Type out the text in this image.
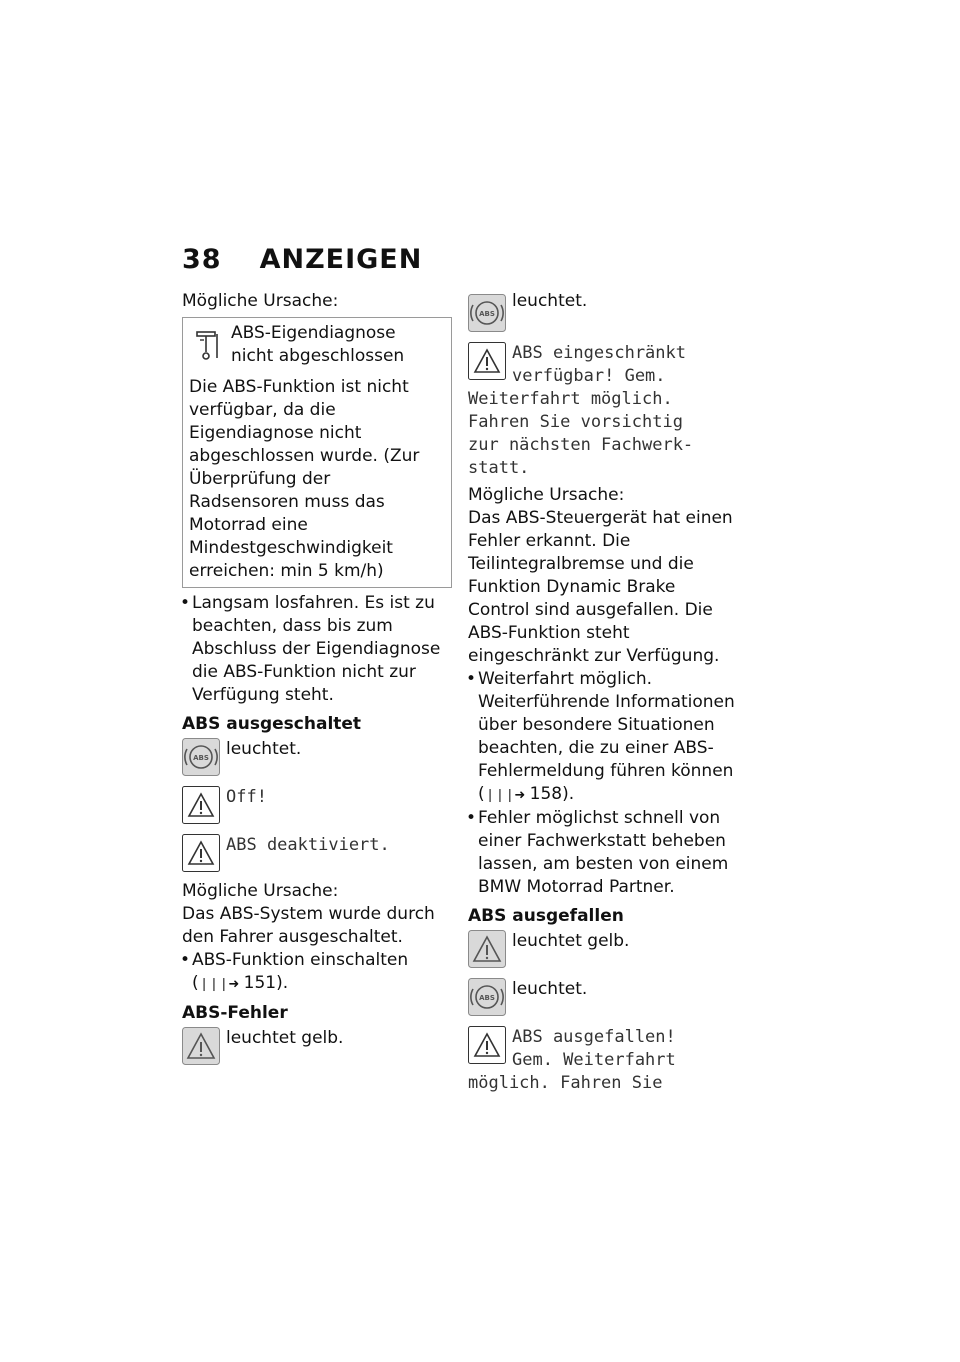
38 ANZEIGEN

Mögliche Ursache:

ABS-Eigendiagnose
nicht abgeschlossen

Die ABS-Funktion ist nicht verfügbar, da die Eigendiagnose nicht abgeschlossen wurde. (Zur Überprüfung der Radsensoren muss das Motorrad eine Mindestgeschwindigkeit erreichen: min 5 km/h)

• Langsam losfahren. Es ist zu beachten, dass bis zum Abschluss der Eigendiagnose die ABS-Funktion nicht zur Verfügung steht.

ABS ausgeschaltet

ABS leuchtet.
Off!
ABS deaktiviert.

Mögliche Ursache:

Das ABS-System wurde durch den Fahrer ausgeschaltet.

• ABS-Funktion einschalten
(❘❘❘➜ 151).

ABS-Fehler

leuchtet gelb.
ABS
leuchtet.
ABS eingeschränkt
verfügbar! Gem.
Weiterfahrt möglich.
Fahren Sie vorsichtig
zur nächsten Fachwerk-
statt.

Mögliche Ursache:

Das ABS-Steuergerät hat einen Fehler erkannt. Die Teilintegralbremse und die Funktion Dynamic Brake Control sind ausgefallen. Die ABS-Funktion steht eingeschränkt zur Verfügung.

• Weiterfahrt möglich. Weiterführende Informationen über besondere Situationen beachten, die zu einer ABS-Fehlermeldung führen können
(❘❘❘➜ 158).
• Fehler möglichst schnell von einer Fachwerkstatt beheben lassen, am besten von einem BMW Motorrad Partner.

ABS ausgefallen

leuchtet gelb.
ABS leuchtet.
ABS ausgefallen!
Gem. Weiterfahrt
möglich. Fahren Sie
